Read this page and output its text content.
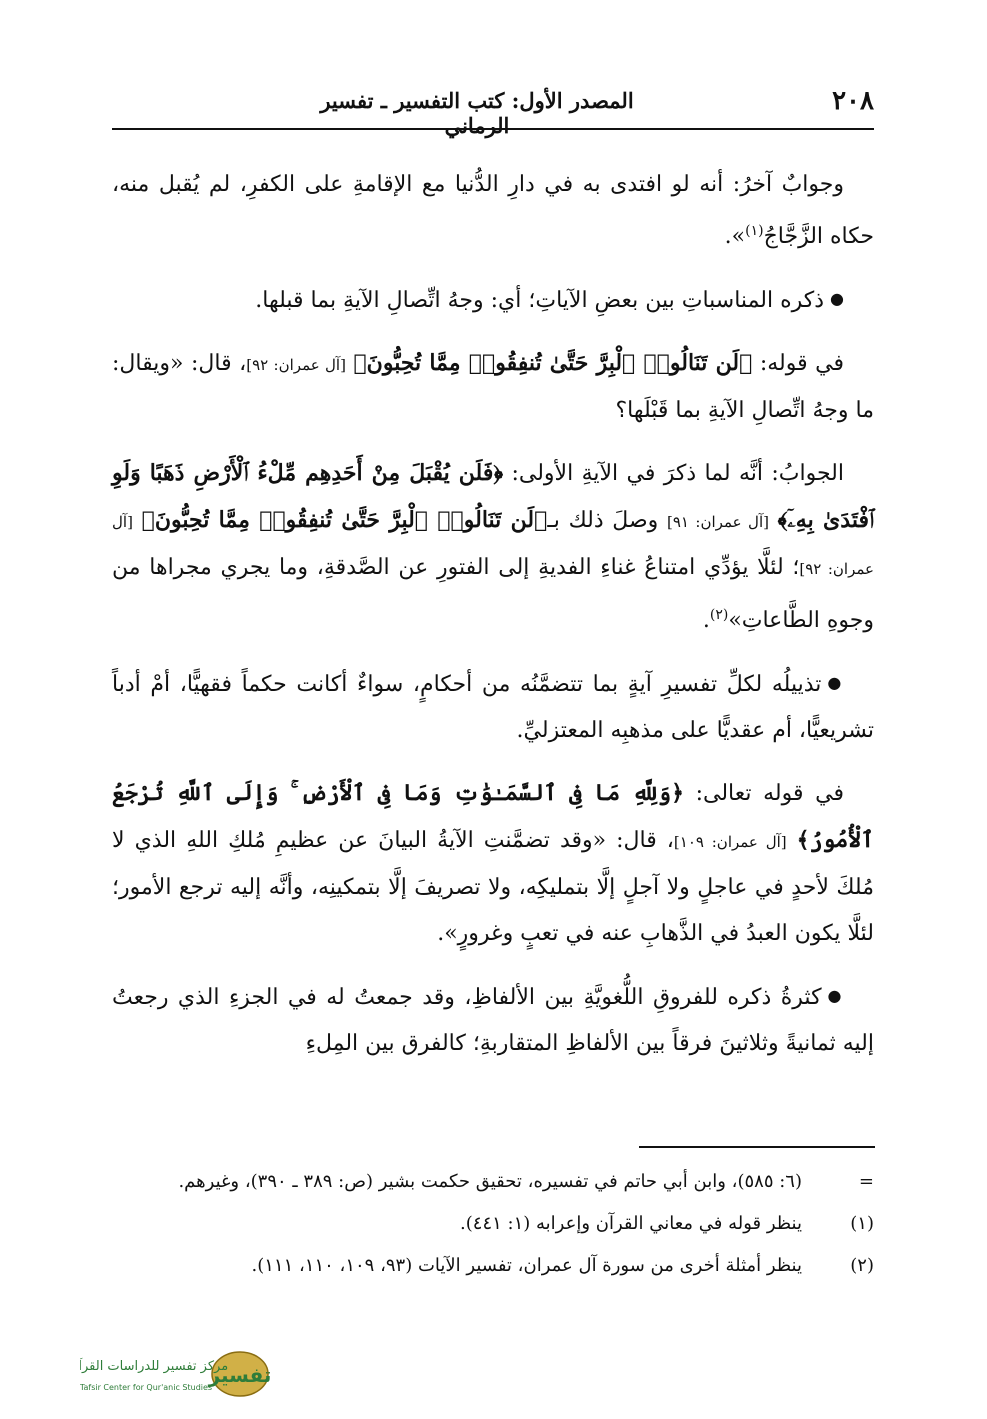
٢٠٨
المصدر الأول: كتب التفسير ـ تفسير الرماني

وجوابٌ آخرُ: أنه لو افتدى به في دارِ الدُّنيا مع الإقامةِ على الكفرِ، لم يُقبل منه، حكاه الزَّجَّاجُ$^{(١)}$».

●ذكره المناسباتِ بين بعضِ الآياتِ؛ أي: وجهُ اتِّصالِ الآيةِ بما قبلها.

في قوله: ﴿لَن تَنَالُوا۟ ٱلْبِرَّ حَتَّىٰ تُنفِقُوا۟ مِمَّا تُحِبُّونَ﴾ [آل عمران: ٩٢]، قال: «ويقال: ما وجهُ اتِّصالِ الآيةِ بما قَبْلَها؟

الجوابُ: أنَّه لما ذكرَ في الآيةِ الأولى: ﴿فَلَن يُقْبَلَ مِنْ أَحَدِهِم مِّلْءُ ٱلْأَرْضِ ذَهَبًا وَلَوِ ٱفْتَدَىٰ بِهِۦٓ﴾ [آل عمران: ٩١] وصلَ ذلك بـ﴿لَن تَنَالُوا۟ ٱلْبِرَّ حَتَّىٰ تُنفِقُوا۟ مِمَّا تُحِبُّونَ﴾ [آل عمران: ٩٢]؛ لئلَّا يؤدِّي امتناعُ غناءِ الفديةِ إلى الفتورِ عن الصَّدقةِ، وما يجري مجراها من وجوهِ الطَّاعاتِ»$^{(٢)}$.

●تذييلُه لكلِّ تفسيرِ آيةٍ بما تتضمَّنُه من أحكامٍ، سواءٌ أكانت حكماً فقهيًّا، أمْ أدباً تشريعيًّا، أم عقديًّا على مذهبِه المعتزليِّ.

في قوله تعالى: ﴿وَلِلَّهِ مَا فِى ٱلسَّمَـٰوَٰتِ وَمَا فِى ٱلْأَرْضِ ۚ وَإِلَى ٱللَّهِ تُرْجَعُ ٱلْأُمُورُ﴾ [آل عمران: ١٠٩]، قال: «وقد تضمَّنتِ الآيةُ البيانَ عن عظيمِ مُلكِ اللهِ الذي لا مُلكَ لأحدٍ في عاجلٍ ولا آجلٍ إلَّا بتمليكِه، ولا تصريفَ إلَّا بتمكينِه، وأنَّه إليه ترجع الأمور؛ لئلَّا يكون العبدُ في الذَّهابِ عنه في تعبٍ وغرورٍ».

●كثرةُ ذكره للفروقِ اللُّغويَّةِ بين الألفاظِ، وقد جمعتُ له في الجزءِ الذي رجعتُ إليه ثمانيةً وثلاثينَ فرقاً بين الألفاظِ المتقاربةِ؛ كالفرق بين المِلءِ

=
(٦: ٥٨٥)، وابن أبي حاتم في تفسيره، تحقيق حكمت بشير (ص: ٣٨٩ ـ ٣٩٠)، وغيرهم.

(١)
ينظر قوله في معاني القرآن وإعرابه (١: ٤٤١).

(٢)
ينظر أمثلة أخرى من سورة آل عمران، تفسير الآيات (٩٣، ١٠٩، ١١٠، ١١١).

تفسير
مركز تفسير للدراسات القرآنية
Tafsir Center for Qur'anic Studies
